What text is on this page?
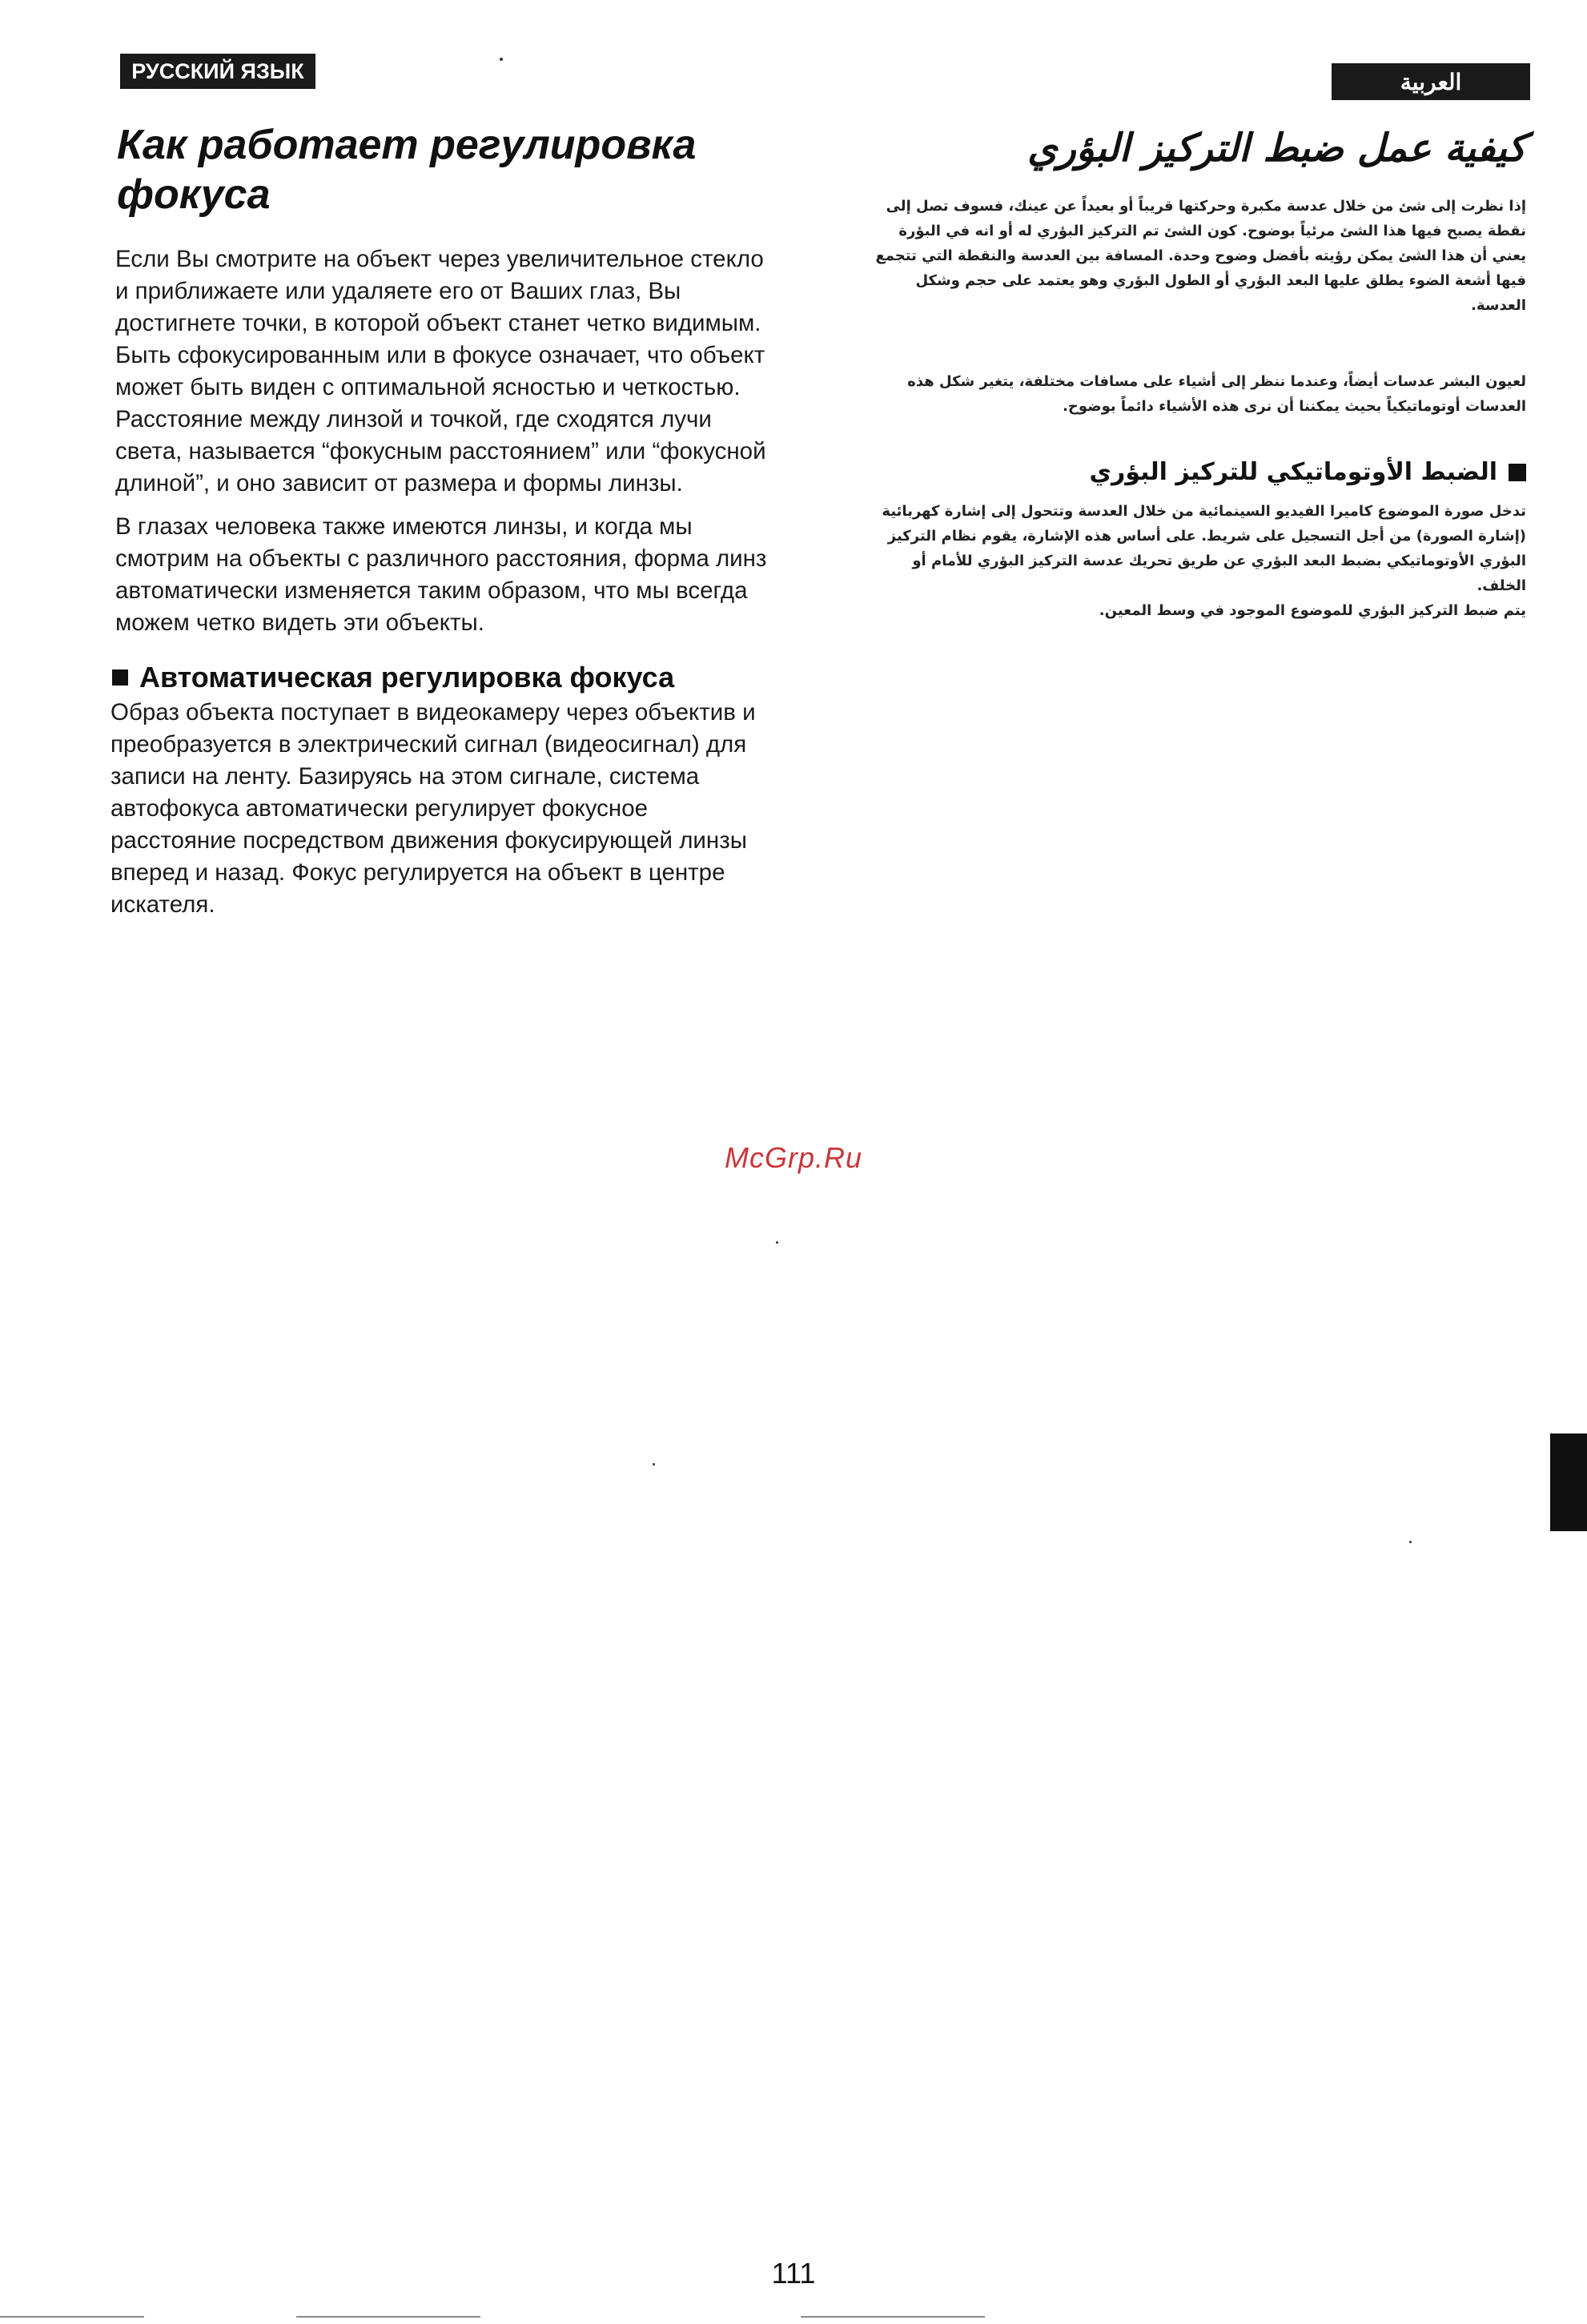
РУССКИЙ ЯЗЫК	العربية
Как работает регулировка фокуса

Если Вы смотрите на объект через увеличительное стекло и приближаете или удаляете его от Ваших глаз, Вы достигнете точки, в которой объект станет четко видимым.

Быть сфокусированным или в фокусе означает, что объект может быть виден с оптимальной ясностью и четкостью. Расстояние между линзой и точкой, где сходятся лучи света, называется “фокусным расстоянием” или “фокусной длиной”, и оно зависит от размера и формы линзы.

В глазах человека также имеются линзы, и когда мы смотрим на объекты с различного расстояния, форма линз автоматически изменяется таким образом, что мы всегда можем четко видеть эти объекты.

Автоматическая регулировка фокуса

Образ объекта поступает в видеокамеру через объектив и преобразуется в электрический сигнал (видеосигнал) для записи на ленту. Базируясь на этом сигнале, система автофокуса автоматически регулирует фокусное расстояние посредством движения фокусирующей линзы вперед и назад. Фокус регулируется на объект в центре искателя.

كيفية عمل ضبط التركيز البؤري

إذا نظرت إلى شئ من خلال عدسة مكبرة وحركتها قريباً أو بعيداً عن عينك، فسوف تصل إلى نقطة يصبح فيها هذا الشئ مرئياً بوضوح. كون الشئ تم التركيز البؤري له أو انه في البؤرة يعني أن هذا الشئ يمكن رؤيته بأفضل وضوح وحدة. المسافة بين العدسة والنقطة التي تتجمع فيها أشعة الضوء يطلق عليها البعد البؤري أو الطول البؤري وهو يعتمد على حجم وشكل العدسة.

لعيون البشر عدسات أيضاً، وعندما ننظر إلى أشياء على مسافات مختلفة، يتغير شكل هذه العدسات أوتوماتيكياً بحيث يمكننا أن نرى هذه الأشياء دائماً بوضوح.

الضبط الأوتوماتيكي للتركيز البؤري

تدخل صورة الموضوع كاميرا الفيديو السينمائية من خلال العدسة وتتحول إلى إشارة كهربائية (إشارة الصورة) من أجل التسجيل على شريط. على أساس هذه الإشارة، يقوم نظام التركيز البؤري الأوتوماتيكي بضبط البعد البؤري عن طريق تحريك عدسة التركيز البؤري للأمام أو الخلف.

يتم ضبط التركيز البؤري للموضوع الموجود في وسط المعين.

McGrp.Ru
111
